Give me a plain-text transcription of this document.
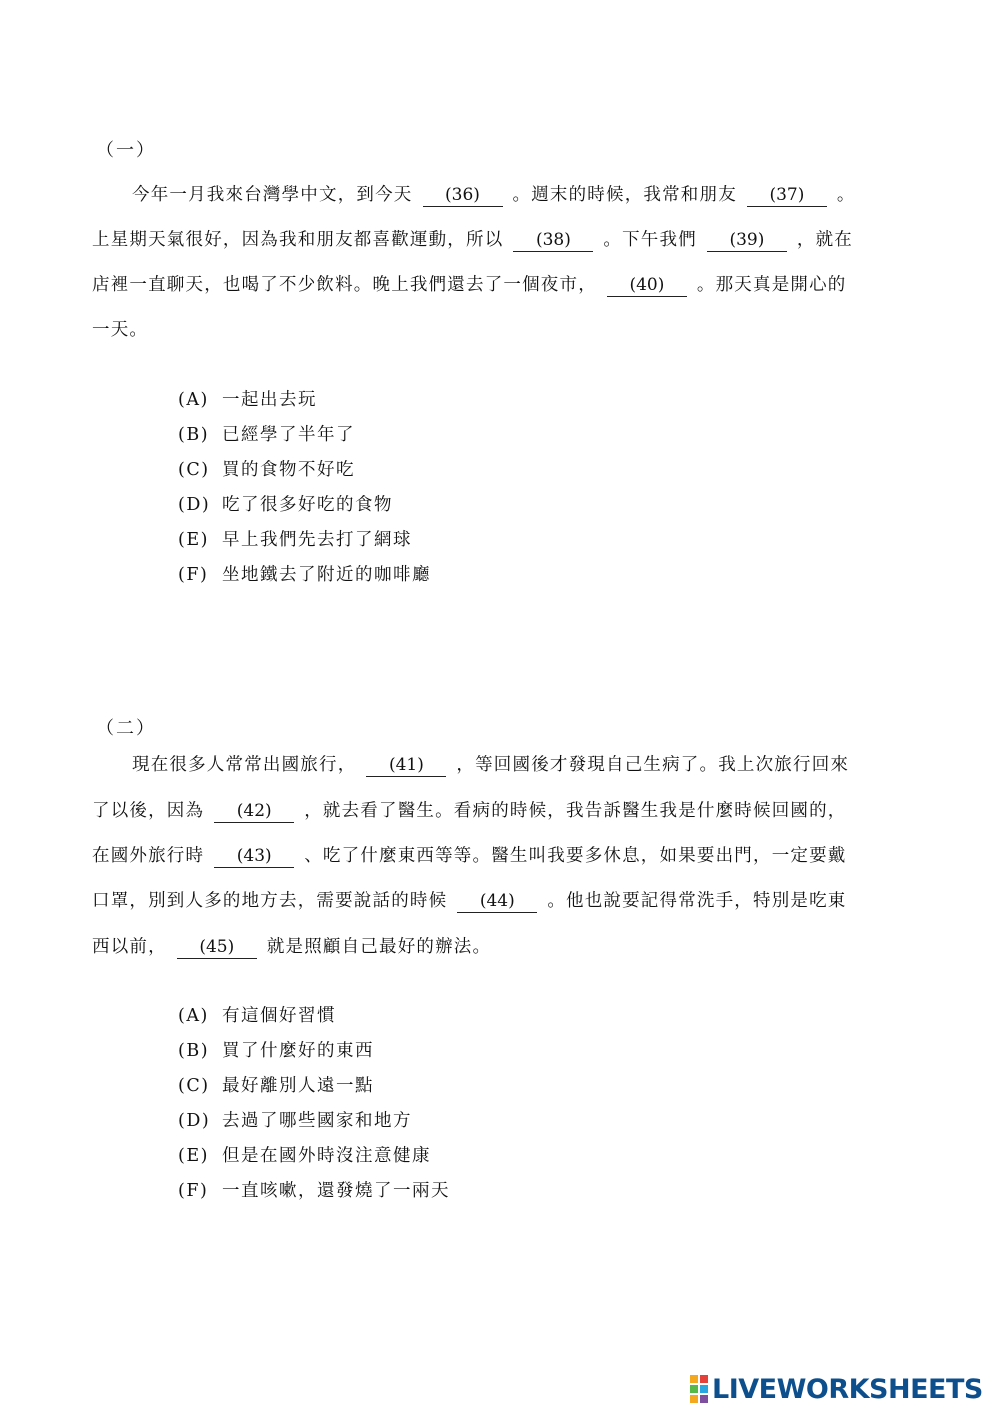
（一）
今年一月我來台灣學中文，到今天 (36) 。週末的時候，我常和朋友 (37) 。
上星期天氣很好，因為我和朋友都喜歡運動，所以 (38) 。下午我們 (39) ，就在
店裡一直聊天，也喝了不少飲料。晚上我們還去了一個夜市， (40) 。那天真是開心的
一天。
(A) 一起出去玩
(B) 已經學了半年了
(C) 買的食物不好吃
(D) 吃了很多好吃的食物
(E) 早上我們先去打了網球
(F) 坐地鐵去了附近的咖啡廳
（二）
現在很多人常常出國旅行， (41) ，等回國後才發現自己生病了。我上次旅行回來
了以後，因為 (42) ，就去看了醫生。看病的時候，我告訴醫生我是什麼時候回國的，
在國外旅行時 (43) 、吃了什麼東西等等。醫生叫我要多休息，如果要出門，一定要戴
口罩，別到人多的地方去，需要說話的時候 (44) 。他也說要記得常洗手，特別是吃東
西以前， (45) 就是照顧自己最好的辦法。
(A) 有這個好習慣
(B) 買了什麼好的東西
(C) 最好離別人遠一點
(D) 去過了哪些國家和地方
(E) 但是在國外時沒注意健康
(F) 一直咳嗽，還發燒了一兩天
LIVEWORKSHEETS
